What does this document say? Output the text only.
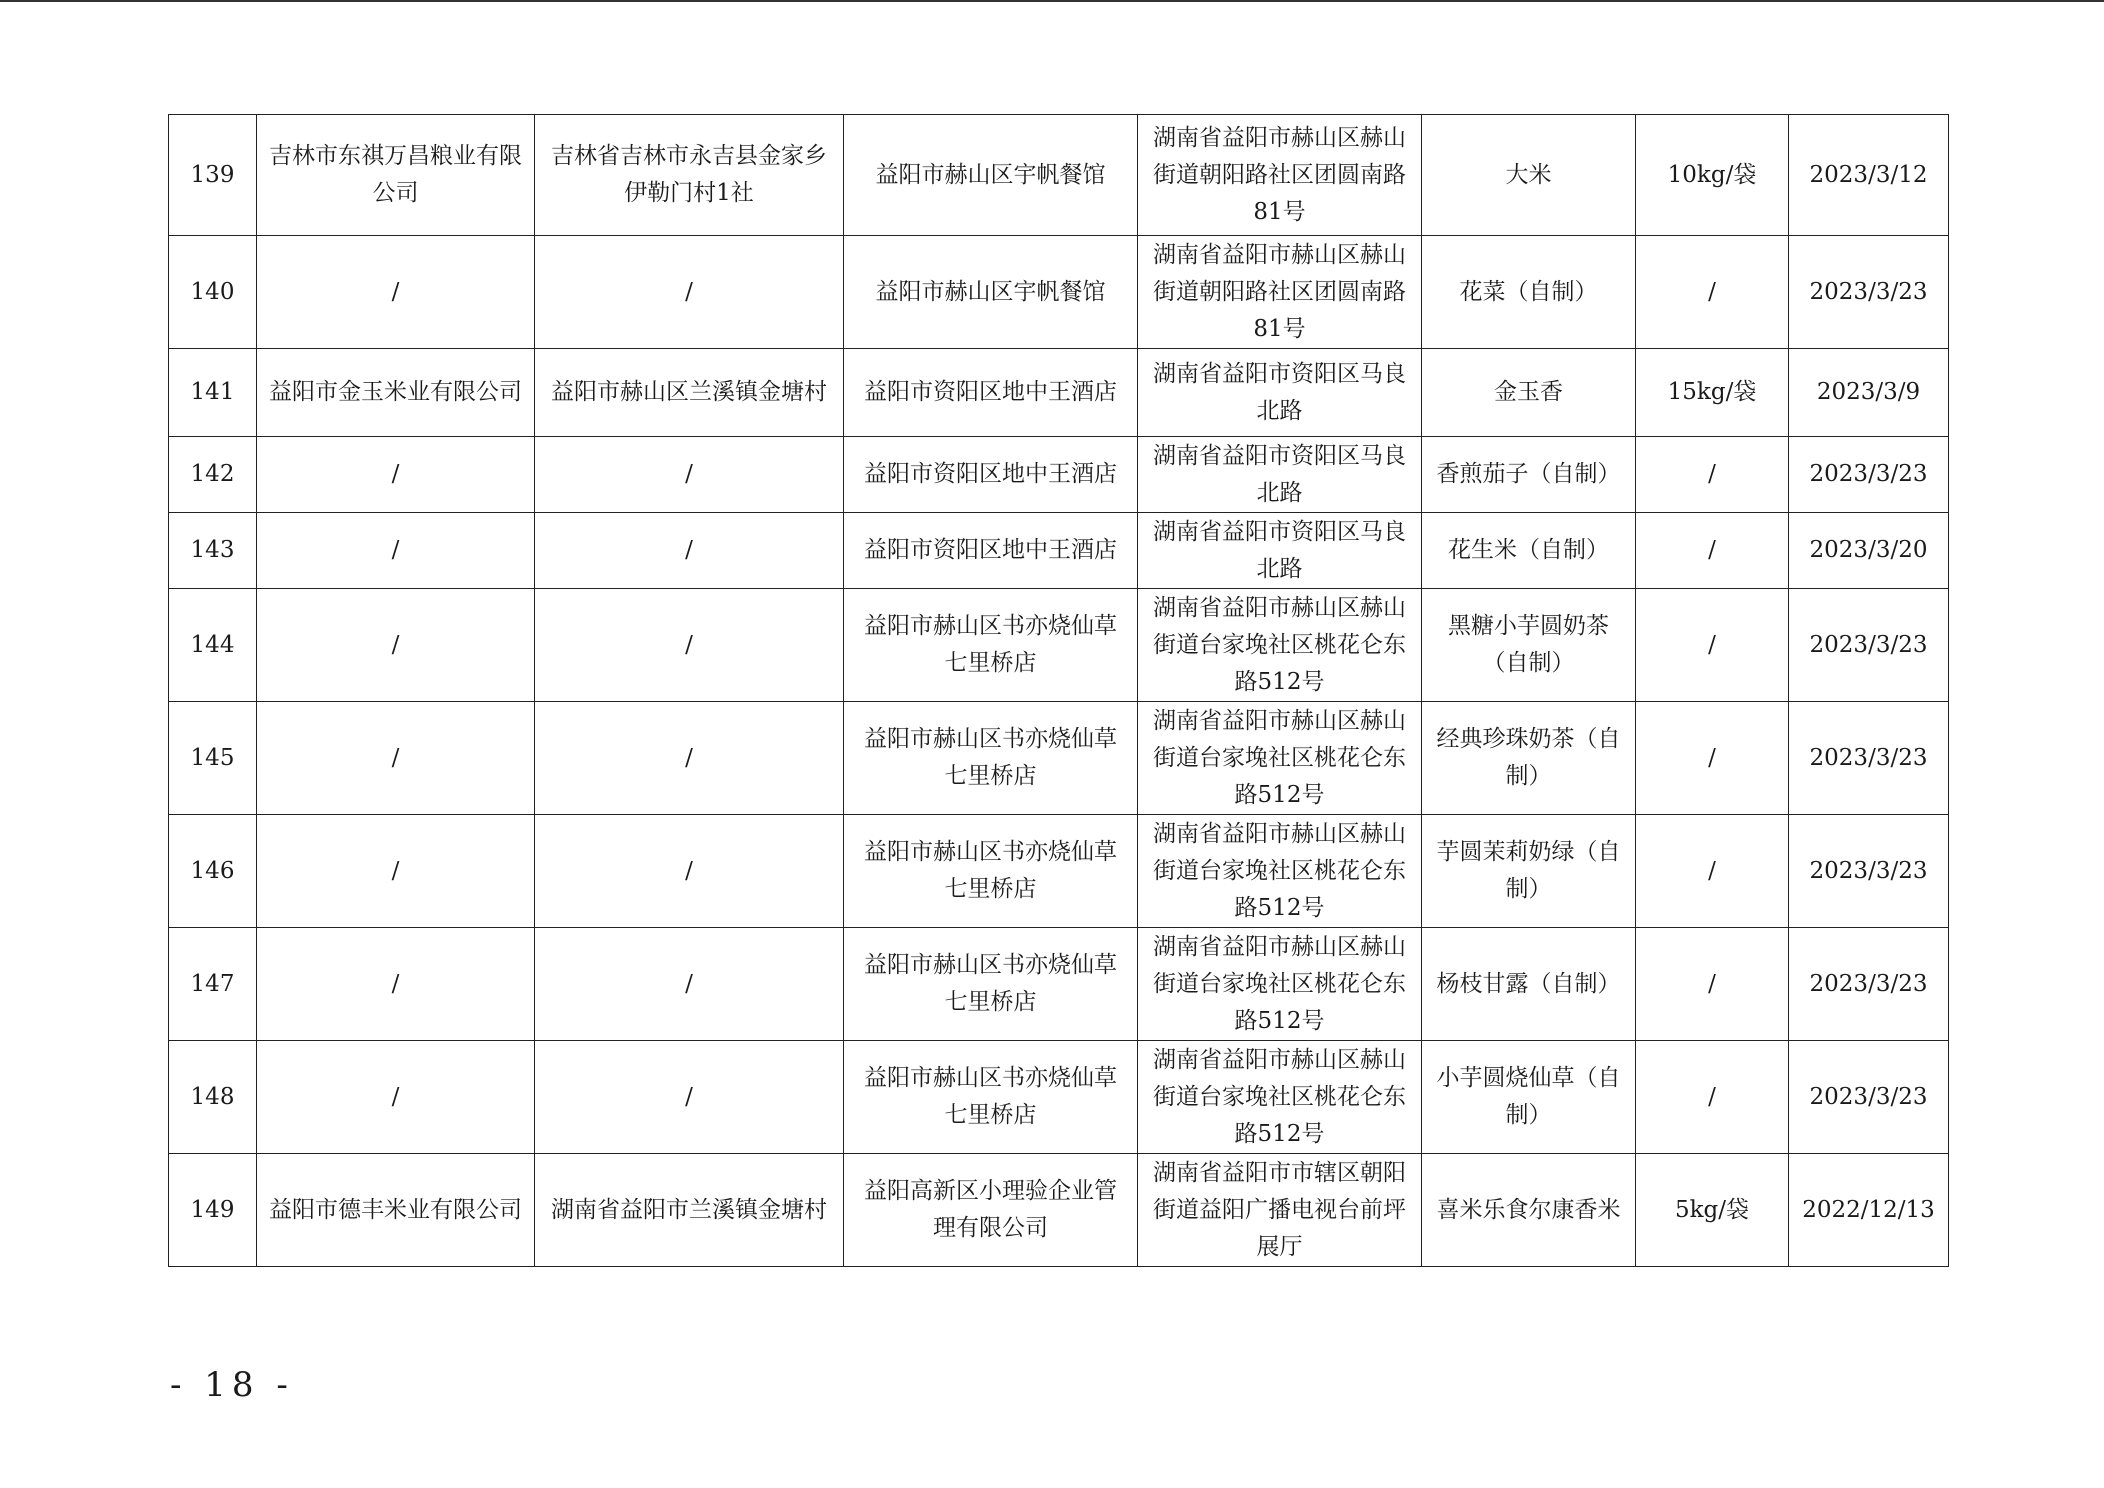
139	吉林市东祺万昌粮业有限公司	吉林省吉林市永吉县金家乡伊勒门村1社	益阳市赫山区宇帆餐馆	湖南省益阳市赫山区赫山街道朝阳路社区团圆南路81号	大米	10kg/袋	2023/3/12
140	/	/	益阳市赫山区宇帆餐馆	湖南省益阳市赫山区赫山街道朝阳路社区团圆南路81号	花菜（自制）	/	2023/3/23
141	益阳市金玉米业有限公司	益阳市赫山区兰溪镇金塘村	益阳市资阳区地中王酒店	湖南省益阳市资阳区马良北路	金玉香	15kg/袋	2023/3/9
142	/	/	益阳市资阳区地中王酒店	湖南省益阳市资阳区马良北路	香煎茄子（自制）	/	2023/3/23
143	/	/	益阳市资阳区地中王酒店	湖南省益阳市资阳区马良北路	花生米（自制）	/	2023/3/20
144	/	/	益阳市赫山区书亦烧仙草七里桥店	湖南省益阳市赫山区赫山街道台家堍社区桃花仑东路512号	黑糖小芋圆奶茶（自制）	/	2023/3/23
145	/	/	益阳市赫山区书亦烧仙草七里桥店	湖南省益阳市赫山区赫山街道台家堍社区桃花仑东路512号	经典珍珠奶茶（自制）	/	2023/3/23
146	/	/	益阳市赫山区书亦烧仙草七里桥店	湖南省益阳市赫山区赫山街道台家堍社区桃花仑东路512号	芋圆茉莉奶绿（自制）	/	2023/3/23
147	/	/	益阳市赫山区书亦烧仙草七里桥店	湖南省益阳市赫山区赫山街道台家堍社区桃花仑东路512号	杨枝甘露（自制）	/	2023/3/23
148	/	/	益阳市赫山区书亦烧仙草七里桥店	湖南省益阳市赫山区赫山街道台家堍社区桃花仑东路512号	小芋圆烧仙草（自制）	/	2023/3/23
149	益阳市德丰米业有限公司	湖南省益阳市兰溪镇金塘村	益阳高新区小理验企业管理有限公司	湖南省益阳市市辖区朝阳街道益阳广播电视台前坪展厅	喜米乐食尔康香米	5kg/袋	2022/12/13
- 18 -
